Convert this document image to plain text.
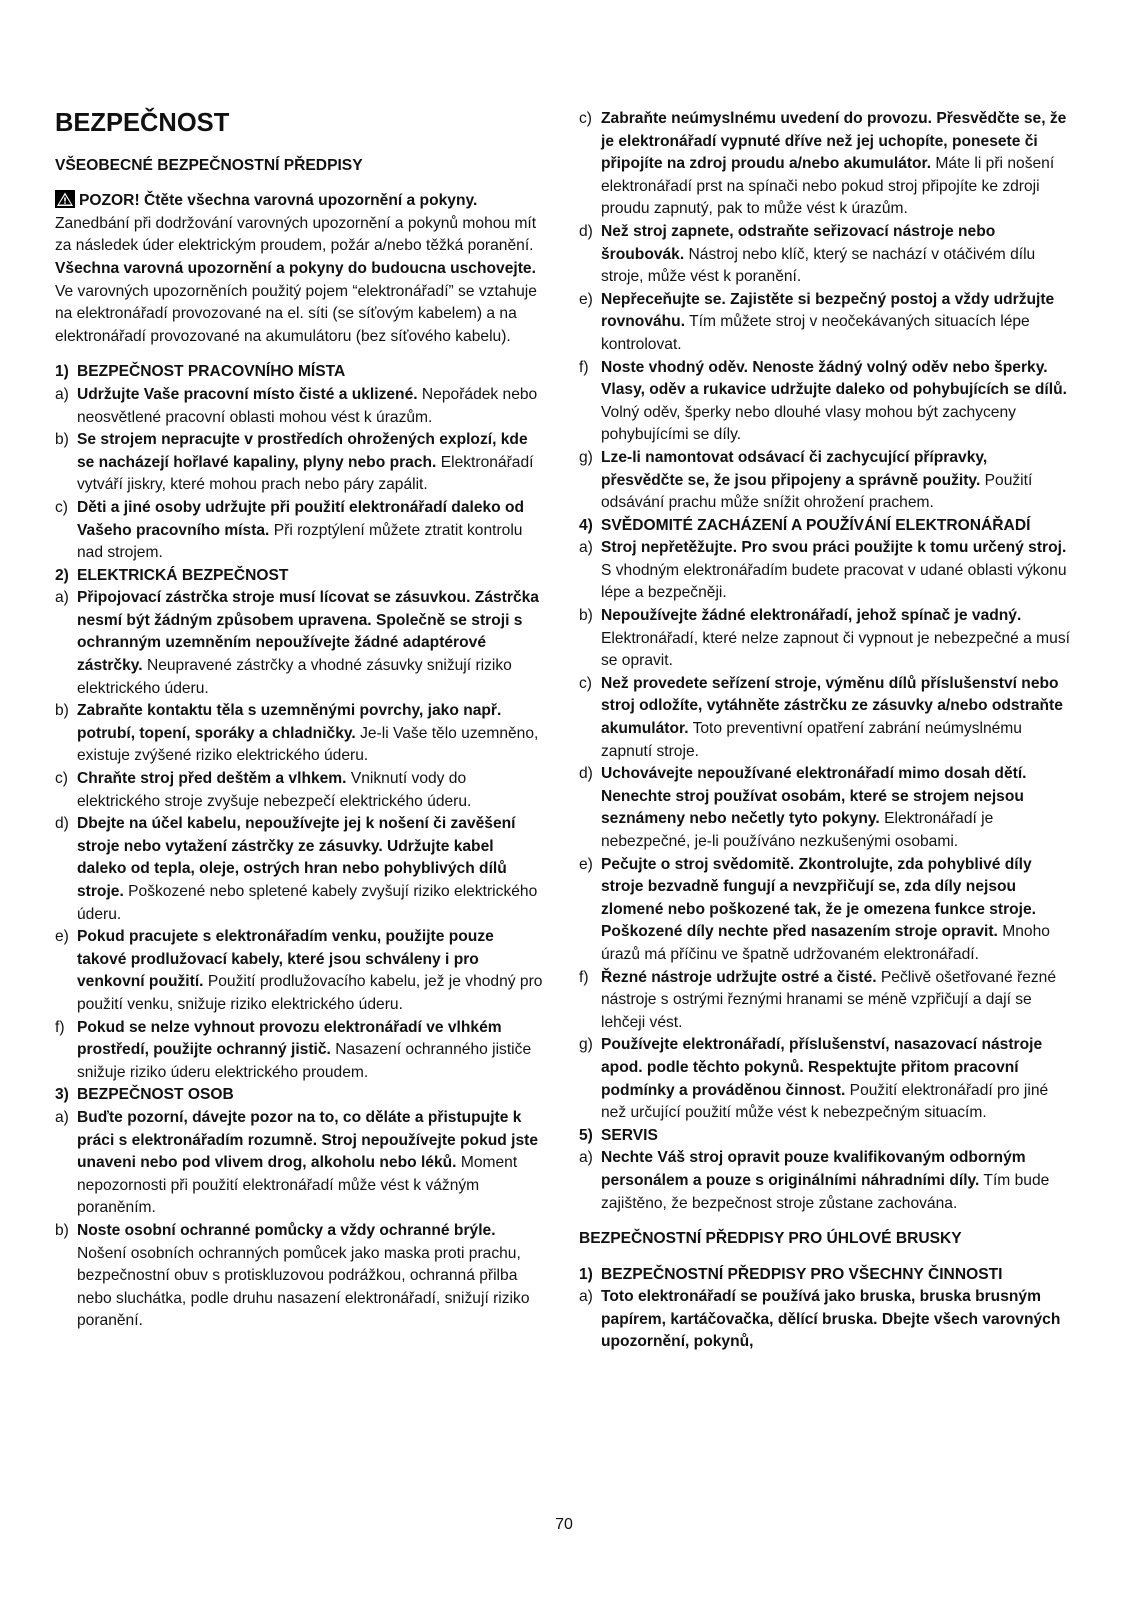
BEZPEČNOST

VŠEOBECNÉ BEZPEČNOSTNÍ PŘEDPISY

POZOR! Čtěte všechna varovná upozornění a pokyny. Zanedbání při dodržování varovných upozornění a pokynů mohou mít za následek úder elektrickým proudem, požár a/nebo těžká poranění. Všechna varovná upozornění a pokyny do budoucna uschovejte. Ve varovných upozorněních použitý pojem “elektronářadí” se vztahuje na elektronářadí provozované na el. síti (se síťovým kabelem) a na elektronářadí provozované na akumulátoru (bez síťového kabelu).

1) BEZPEČNOST PRACOVNÍHO MÍSTA

a) Udržujte Vaše pracovní místo čisté a uklizené. Nepořádek nebo neosvětlené pracovní oblasti mohou vést k úrazům.

b) Se strojem nepracujte v prostředích ohrožených explozí, kde se nacházejí hořlavé kapaliny, plyny nebo prach. Elektronářadí vytváří jiskry, které mohou prach nebo páry zapálit.

c) Děti a jiné osoby udržujte při použití elektronářadí daleko od Vašeho pracovního místa. Při rozptýlení můžete ztratit kontrolu nad strojem.

2) ELEKTRICKÁ BEZPEČNOST

a) Připojovací zástrčka stroje musí lícovat se zásuvkou. Zástrčka nesmí být žádným způsobem upravena. Společně se stroji s ochranným uzemněním nepoužívejte žádné adaptérové zástrčky. Neupravené zástrčky a vhodné zásuvky snižují riziko elektrického úderu.

b) Zabraňte kontaktu těla s uzemněnými povrchy, jako např. potrubí, topení, sporáky a chladničky. Je-li Vaše tělo uzemněno, existuje zvýšené riziko elektrického úderu.

c) Chraňte stroj před deštěm a vlhkem. Vniknutí vody do elektrického stroje zvyšuje nebezpečí elektrického úderu.

d) Dbejte na účel kabelu, nepoužívejte jej k nošení či zavěšení stroje nebo vytažení zástrčky ze zásuvky. Udržujte kabel daleko od tepla, oleje, ostrých hran nebo pohyblivých dílů stroje. Poškozené nebo spletené kabely zvyšují riziko elektrického úderu.

e) Pokud pracujete s elektronářadím venku, použijte pouze takové prodlužovací kabely, které jsou schváleny i pro venkovní použití. Použití prodlužovacího kabelu, jež je vhodný pro použití venku, snižuje riziko elektrického úderu.

f) Pokud se nelze vyhnout provozu elektronářadí ve vlhkém prostředí, použijte ochranný jistič. Nasazení ochranného jističe snižuje riziko úderu elektrického proudem.

3) BEZPEČNOST OSOB

a) Buďte pozorní, dávejte pozor na to, co děláte a přistupujte k práci s elektronářadím rozumně. Stroj nepoužívejte pokud jste unaveni nebo pod vlivem drog, alkoholu nebo léků. Moment nepozornosti při použití elektronářadí může vést k vážným poraněním.

b) Noste osobní ochranné pomůcky a vždy ochranné brýle. Nošení osobních ochranných pomůcek jako maska proti prachu, bezpečnostní obuv s protiskluzovou podrážkou, ochranná přilba nebo sluchátka, podle druhu nasazení elektronářadí, snižují riziko poranění.

c) Zabraňte neúmyslnému uvedení do provozu. Přesvědčte se, že je elektronářadí vypnuté dříve než jej uchopíte, ponesete či připojíte na zdroj proudu a/nebo akumulátor. Máte li při nošení elektronářadí prst na spínači nebo pokud stroj připojíte ke zdroji proudu zapnutý, pak to může vést k úrazům.

d) Než stroj zapnete, odstraňte seřizovací nástroje nebo šroubovák. Nástroj nebo klíč, který se nachází v otáčivém dílu stroje, může vést k poranění.

e) Nepřeceňujte se. Zajistěte si bezpečný postoj a vždy udržujte rovnováhu. Tím můžete stroj v neočekávaných situacích lépe kontrolovat.

f) Noste vhodný oděv. Nenoste žádný volný oděv nebo šperky. Vlasy, oděv a rukavice udržujte daleko od pohybujících se dílů. Volný oděv, šperky nebo dlouhé vlasy mohou být zachyceny pohybujícími se díly.

g) Lze-li namontovat odsávací či zachycující přípravky, přesvědčte se, že jsou připojeny a správně použity. Použití odsávání prachu může snížit ohrožení prachem.

4) SVĚDOMITÉ ZACHÁZENÍ A POUŽÍVÁNÍ ELEKTRONÁŘADÍ

a) Stroj nepřetěžujte. Pro svou práci použijte k tomu určený stroj. S vhodným elektronářadím budete pracovat v udané oblasti výkonu lépe a bezpečněji.

b) Nepoužívejte žádné elektronářadí, jehož spínač je vadný. Elektronářadí, které nelze zapnout či vypnout je nebezpečné a musí se opravit.

c) Než provedete seřízení stroje, výměnu dílů příslušenství nebo stroj odložíte, vytáhněte zástrčku ze zásuvky a/nebo odstraňte akumulátor. Toto preventivní opatření zabrání neúmyslnému zapnutí stroje.

d) Uchovávejte nepoužívané elektronářadí mimo dosah dětí. Nenechte stroj používat osobám, které se strojem nejsou seznámeny nebo nečetly tyto pokyny. Elektronářadí je nebezpečné, je-li používáno nezkušenými osobami.

e) Pečujte o stroj svědomitě. Zkontrolujte, zda pohyblivé díly stroje bezvadně fungují a nevzpřičují se, zda díly nejsou zlomené nebo poškozené tak, že je omezena funkce stroje. Poškozené díly nechte před nasazením stroje opravit. Mnoho úrazů má příčinu ve špatně udržovaném elektronářadí.

f) Řezné nástroje udržujte ostré a čisté. Pečlivě ošetřované řezné nástroje s ostrými řeznými hranami se méně vzpřičují a dají se lehčeji vést.

g) Používejte elektronářadí, příslušenství, nasazovací nástroje apod. podle těchto pokynů. Respektujte přitom pracovní podmínky a prováděnou činnost. Použití elektronářadí pro jiné než určující použití může vést k nebezpečným situacím.

5) SERVIS

a) Nechte Váš stroj opravit pouze kvalifikovaným odborným personálem a pouze s originálními náhradními díly. Tím bude zajištěno, že bezpečnost stroje zůstane zachována.

BEZPEČNOSTNÍ PŘEDPISY PRO ÚHLOVÉ BRUSKY

1) BEZPEČNOSTNÍ PŘEDPISY PRO VŠECHNY ČINNOSTI

a) Toto elektronářadí se používá jako bruska, bruska brusným papírem, kartáčovačka, dělící bruska. Dbejte všech varovných upozornění, pokynů,

70
